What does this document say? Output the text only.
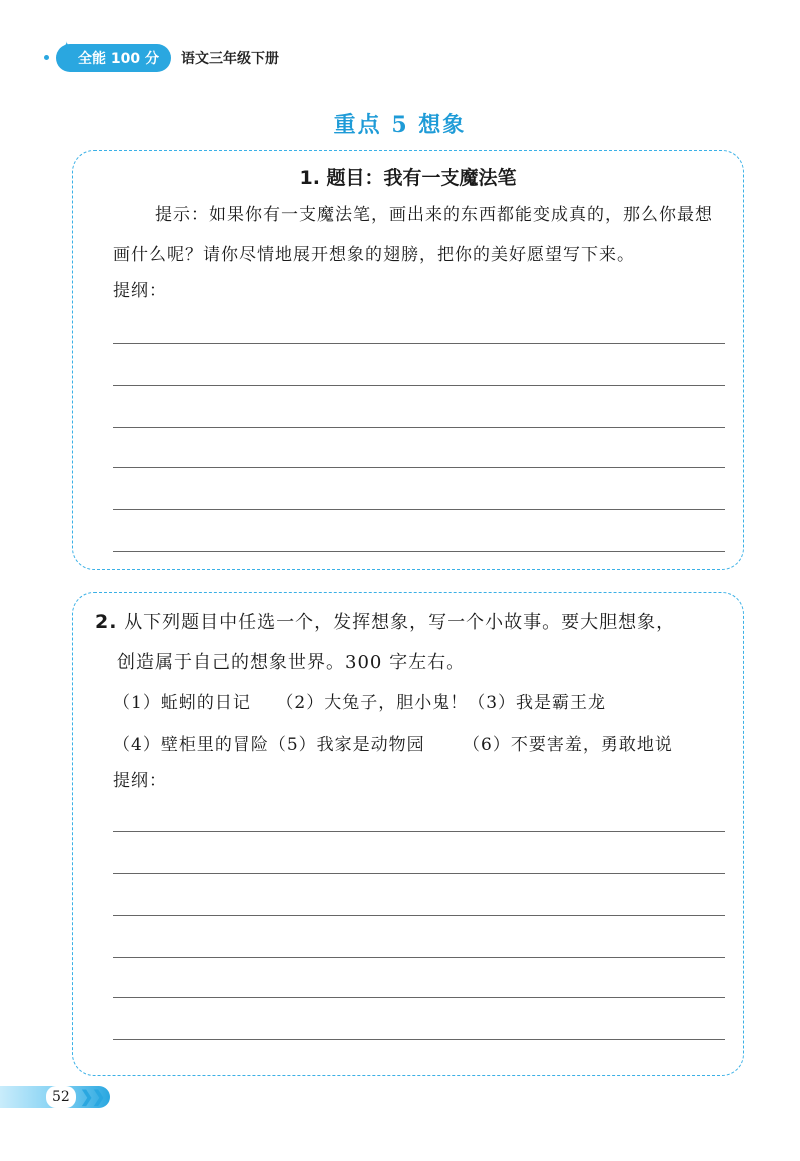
✦
全能 100 分	语文三年级下册
重点 5 想象
1. 题目：我有一支魔法笔
提示：如果你有一支魔法笔，画出来的东西都能变成真的，那么你最想画什么呢？请你尽情地展开想象的翅膀，把你的美好愿望写下来。
提纲：
2. 从下列题目中任选一个，发挥想象，写一个小故事。要大胆想象，
创造属于自己的想象世界。300 字左右。
（1）蚯蚓的日记    （2）大兔子，胆小鬼！（3）我是霸王龙
（4）壁柜里的冒险（5）我家是动物园      （6）不要害羞，勇敢地说
提纲：
52 ❯
❯
